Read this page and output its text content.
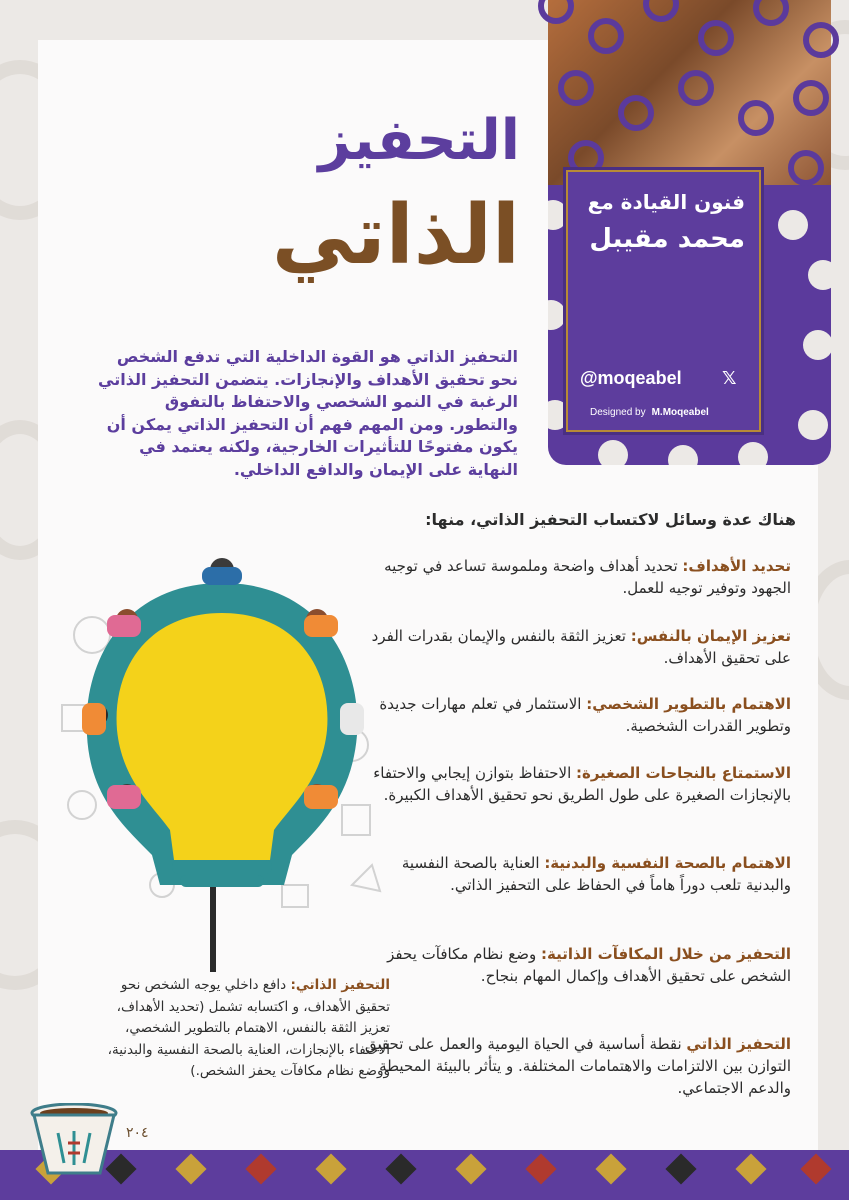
فنون القيادة مع
محمد مقيبل
@moqeabel 𝕏
Designed by M.Moqeabel
التحفيز
الذاتي

التحفيز الذاتي هو القوة الداخلية التي تدفع الشخص نحو تحقيق الأهداف والإنجازات. يتضمن التحفيز الذاتي الرغبة في النمو الشخصي والاحتفاظ بالتفوق والتطور. ومن المهم فهم أن التحفيز الذاتي يمكن أن يكون مفتوحًا للتأثيرات الخارجية، ولكنه يعتمد في النهاية على الإيمان والدافع الداخلي.

هناك عدة وسائل لاكتساب التحفيز الذاتي، منها:

تحديد الأهداف: تحديد أهداف واضحة وملموسة تساعد في توجيه الجهود وتوفير توجيه للعمل.
تعزيز الإيمان بالنفس: تعزيز الثقة بالنفس والإيمان بقدرات الفرد على تحقيق الأهداف.
الاهتمام بالتطوير الشخصي: الاستثمار في تعلم مهارات جديدة وتطوير القدرات الشخصية.
الاستمتاع بالنجاحات الصغيرة: الاحتفاظ بتوازن إيجابي والاحتفاء بالإنجازات الصغيرة على طول الطريق نحو تحقيق الأهداف الكبيرة.
الاهتمام بالصحة النفسية والبدنية: العناية بالصحة النفسية والبدنية تلعب دوراً هاماً في الحفاظ على التحفيز الذاتي.
التحفيز من خلال المكافآت الذاتية: وضع نظام مكافآت يحفز الشخص على تحقيق الأهداف وإكمال المهام بنجاح.
التحفيز الذاتي نقطة أساسية في الحياة اليومية والعمل على تحقيق التوازن بين الالتزامات والاهتمامات المختلفة. و يتأثر بالبيئة المحيطة والدعم الاجتماعي.

التحفيز الذاتي: دافع داخلي يوجه الشخص نحو تحقيق الأهداف، و اكتسابه تشمل (تحديد الأهداف، تعزيز الثقة بالنفس، الاهتمام بالتطوير الشخصي، الاحتفاء بالإنجازات، العناية بالصحة النفسية والبدنية، ووضع نظام مكافآت يحفز الشخص.)

٢٠٤
